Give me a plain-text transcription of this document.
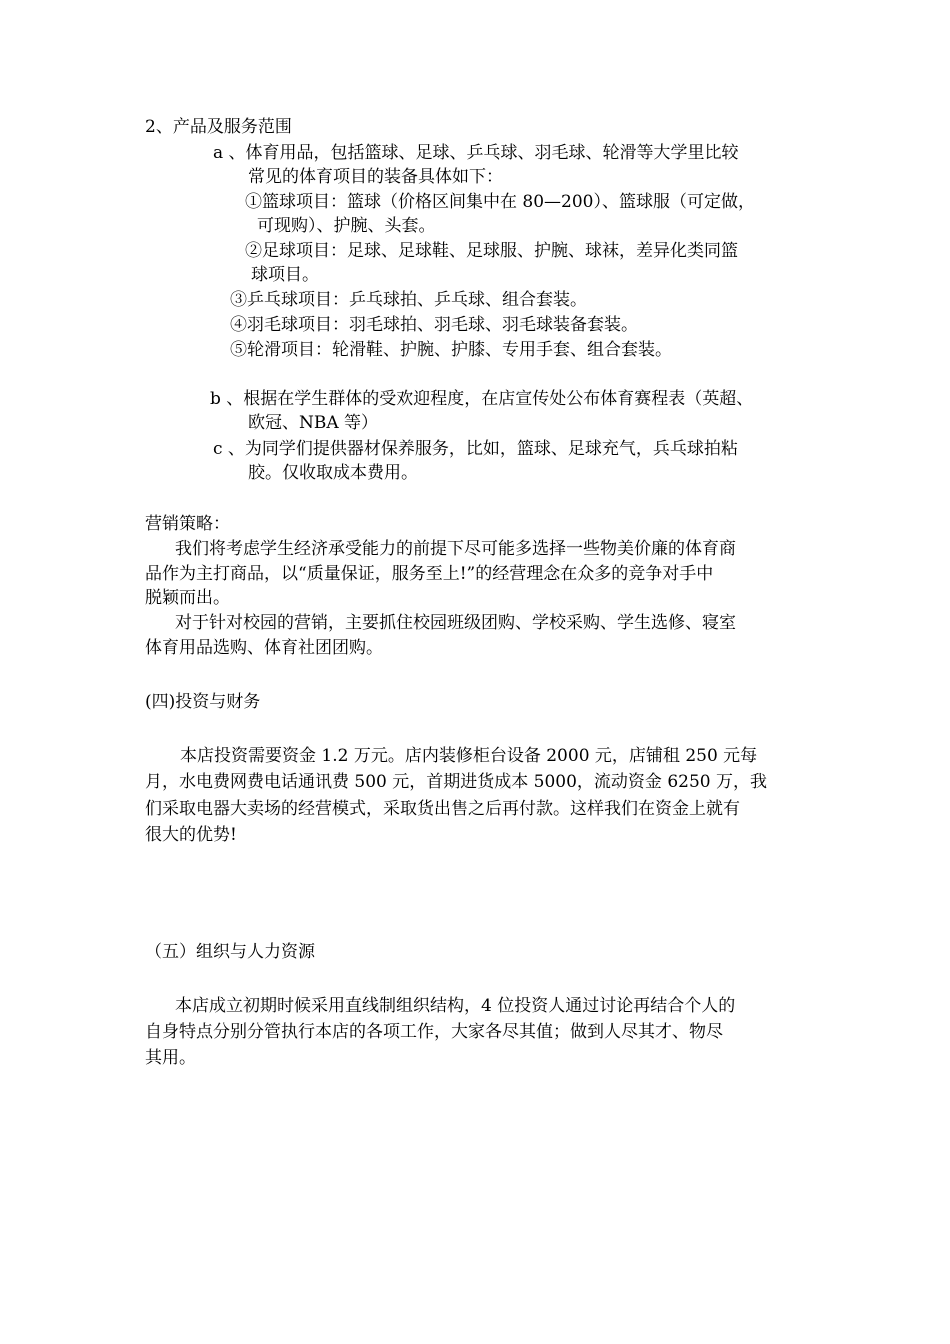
2、产品及服务范围
a 、体育用品，包括篮球、足球、乒乓球、羽毛球、轮滑等大学里比较
常见的体育项目的装备具体如下：
①篮球项目：篮球（价格区间集中在 80—200）、篮球服（可定做，
可现购）、护腕、头套。
②足球项目：足球、足球鞋、足球服、护腕、球袜，差异化类同篮
球项目。
③乒乓球项目：乒乓球拍、乒乓球、组合套装。
④羽毛球项目：羽毛球拍、羽毛球、羽毛球装备套装。
⑤轮滑项目：轮滑鞋、护腕、护膝、专用手套、组合套装。
b 、根据在学生群体的受欢迎程度，在店宣传处公布体育赛程表（英超、
欧冠、NBA 等）
c 、为同学们提供器材保养服务，比如，篮球、足球充气，兵乓球拍粘
胶。仅收取成本费用。
营销策略：
我们将考虑学生经济承受能力的前提下尽可能多选择一些物美价廉的体育商
品作为主打商品，以“质量保证，服务至上!”的经营理念在众多的竞争对手中
脱颖而出。
对于针对校园的营销，主要抓住校园班级团购、学校采购、学生选修、寝室
体育用品选购、体育社团团购。
(四)投资与财务
本店投资需要资金 1.2 万元。店内装修柜台设备 2000 元，店铺租 250 元每
月，水电费网费电话通讯费 500 元，首期进货成本 5000，流动资金 6250 万，我
们采取电器大卖场的经营模式，采取货出售之后再付款。这样我们在资金上就有
很大的优势!
（五）组织与人力资源
本店成立初期时候采用直线制组织结构，4 位投资人通过讨论再结合个人的
自身特点分别分管执行本店的各项工作，大家各尽其值；做到人尽其才、物尽
其用。
